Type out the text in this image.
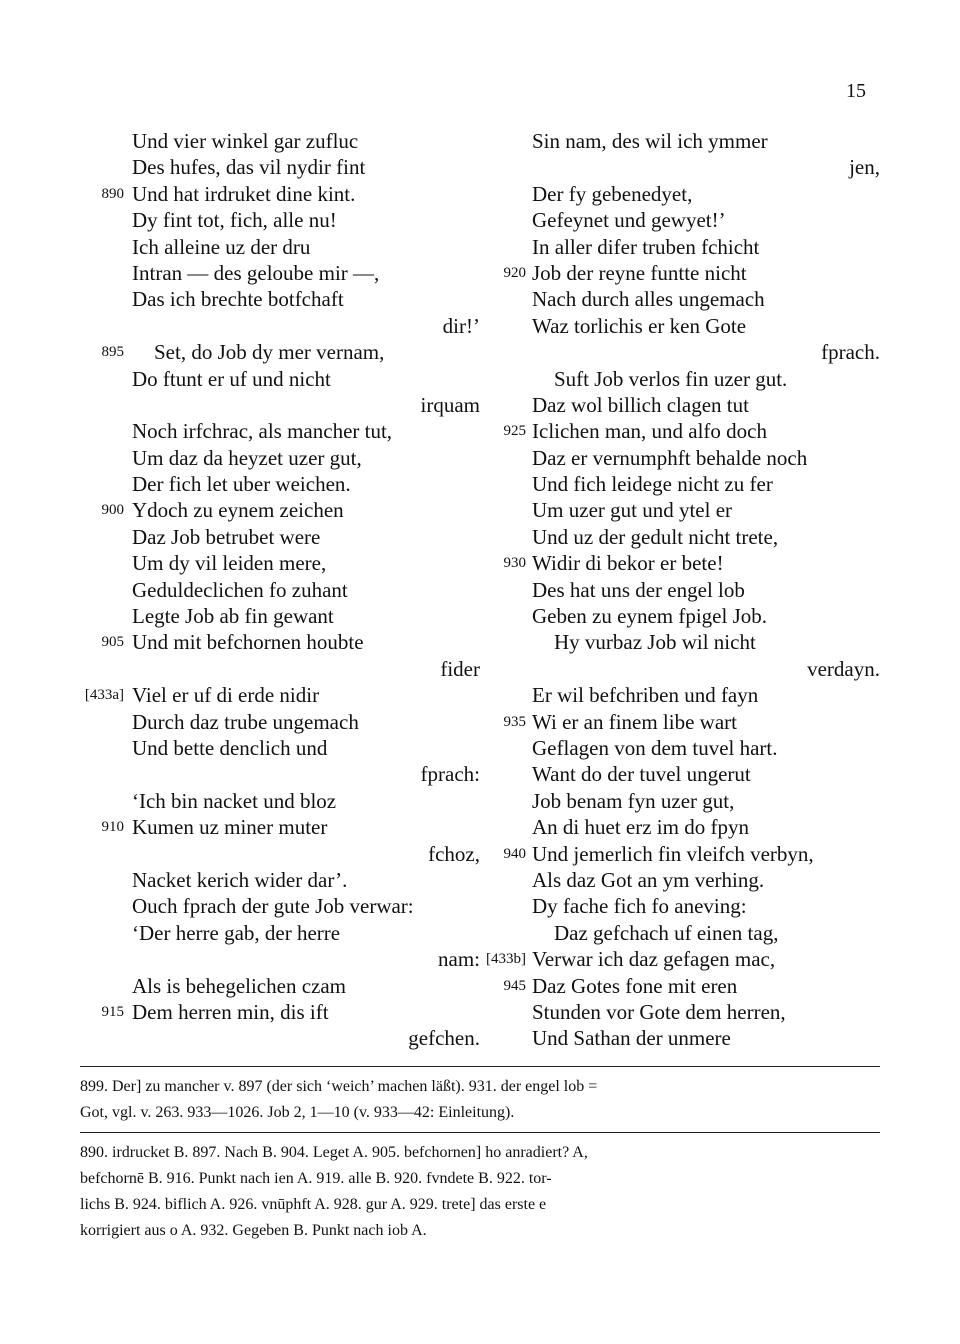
15
Und vier winkel gar zufluc
Des hufes, das vil nydir fint
890 Und hat irdruket dine kint.
Dy fint tot, fich, alle nu!
Ich alleine uz der dru
Intran — des geloube mir —,
Das ich brechte botfchaft
dir!’
895 Set, do Job dy mer vernam,
Do ftunt er uf und nicht
irquam
Noch irfchrac, als mancher tut,
Um daz da heyzet uzer gut,
Der fich let uber weichen.
900 Ydoch zu eynem zeichen
Daz Job betrubet were
Um dy vil leiden mere,
Geduldeclichen fo zuhant
Legte Job ab fin gewant
905 Und mit befchornen houbte
fider
[433a] Viel er uf di erde nidir
Durch daz trube ungemach
Und bette denclich und
fprach:
‘Ich bin nacket und bloz
910 Kumen uz miner muter
fchoz,
Nacket kerich wider dar’.
Ouch fprach der gute Job verwar:
‘Der herre gab, der herre
nam:
Als is behegelichen czam
915 Dem herren min, dis ift
gefchen.
Sin nam, des wil ich ymmer
jen,
Der fy gebenedyet,
Gefeynet und gewyet!’
In aller difer truben fchicht
920 Job der reyne funtte nicht
Nach durch alles ungemach
Waz torlichis er ken Gote
fprach.
Suft Job verlos fin uzer gut.
Daz wol billich clagen tut
925 Iclichen man, und alfo doch
Daz er vernumphft behalde noch
Und fich leidege nicht zu fer
Um uzer gut und ytel er
Und uz der gedult nicht trete,
930 Widir di bekor er bete!
Des hat uns der engel lob
Geben zu eynem fpigel Job.
Hy vurbaz Job wil nicht
verdayn.
Er wil befchriben und fayn
935 Wi er an finem libe wart
Geflagen von dem tuvel hart.
Want do der tuvel ungerut
Job benam fyn uzer gut,
An di huet erz im do fpyn
940 Und jemerlich fin vleifch verbyn,
Als daz Got an ym verhing.
Dy fache fich fo aneving:
Daz gefchach uf einen tag,
[433b] Verwar ich daz gefagen mac,
945 Daz Gotes fone mit eren
Stunden vor Gote dem herren,
Und Sathan der unmere
899. Der] zu mancher v. 897 (der sich ‘weich’ machen läßt). 931. der engel lob =
Got, vgl. v. 263. 933—1026. Job 2, 1—10 (v. 933—42: Einleitung).
890. irdrucket B. 897. Nach B. 904. Leget A. 905. befchornen] ho anradiert? A,
befchornē B. 916. Punkt nach ien A. 919. alle B. 920. fvndete B. 922. tor-
lichs B. 924. biflich A. 926. vnūphft A. 928. gur A. 929. trete] das erste e
korrigiert aus o A. 932. Gegeben B. Punkt nach iob A.
